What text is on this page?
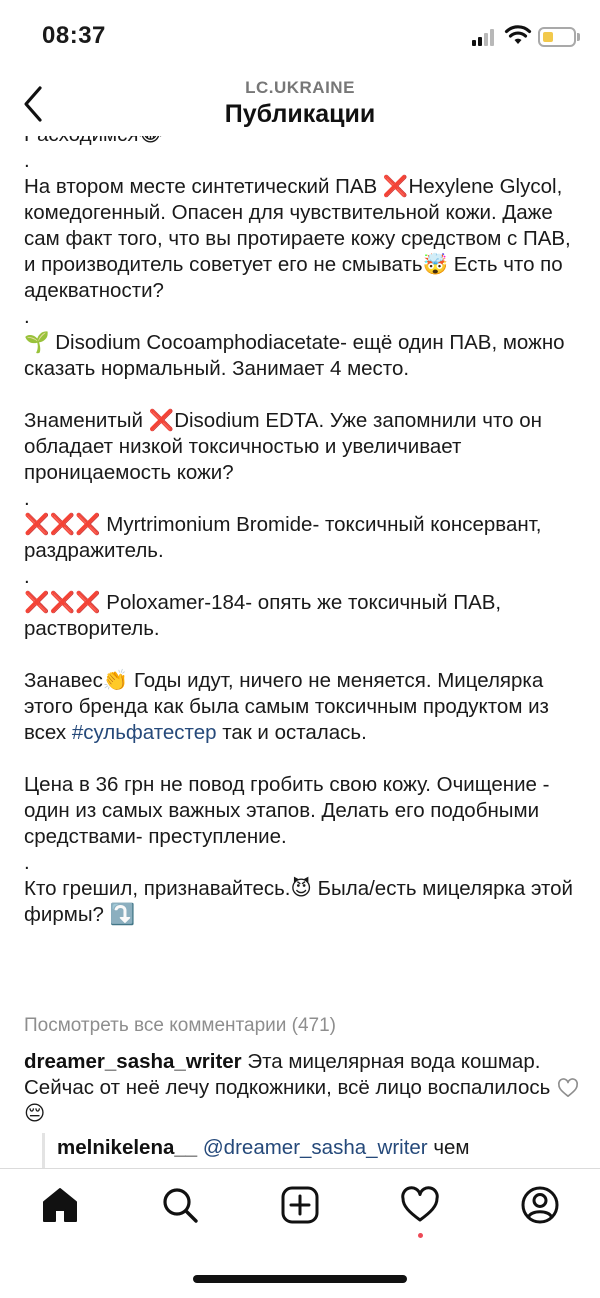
08:37

.

На втором месте синтетический ПАВ ❌Hexylene Glycol, комедогенный. Опасен для чувствительной кожи. Даже сам факт того, что вы протираете кожу средством с ПАВ, и производитель советует его не смывать🤯 Есть что по адекватности?

.

🌱 Disodium Cocoamphodiacetate- ещё один ПАВ, можно сказать нормальный. Занимает 4 место.

Знаменитый ❌Disodium EDTA. Уже запомнили что он обладает низкой токсичностью и увеличивает проницаемость кожи?

.

❌❌❌ Myrtrimonium Bromide- токсичный консервант, раздражитель.

.

❌❌❌ Poloxamer-184- опять же токсичный ПАВ, растворитель.

Занавес👏 Годы идут, ничего не меняется. Мицелярка этого бренда как была самым токсичным продуктом из всех #сульфатестер так и осталась.

Цена в 36 грн не повод гробить свою кожу. Очищение - один из самых важных этапов. Делать его подобными средствами- преступление.

.

Кто грешил, признавайтесь.😈 Была/есть мицелярка этой фирмы? ⤵️

Посмотреть все комментарии (471)
dreamer_sasha_writer Эта мицелярная вода кошмар. Сейчас от неё лечу подкожники, всё лицо воспалилось😔
melnikelena__ @dreamer_sasha_writer чем
LC.UKRAINE
Публикации
